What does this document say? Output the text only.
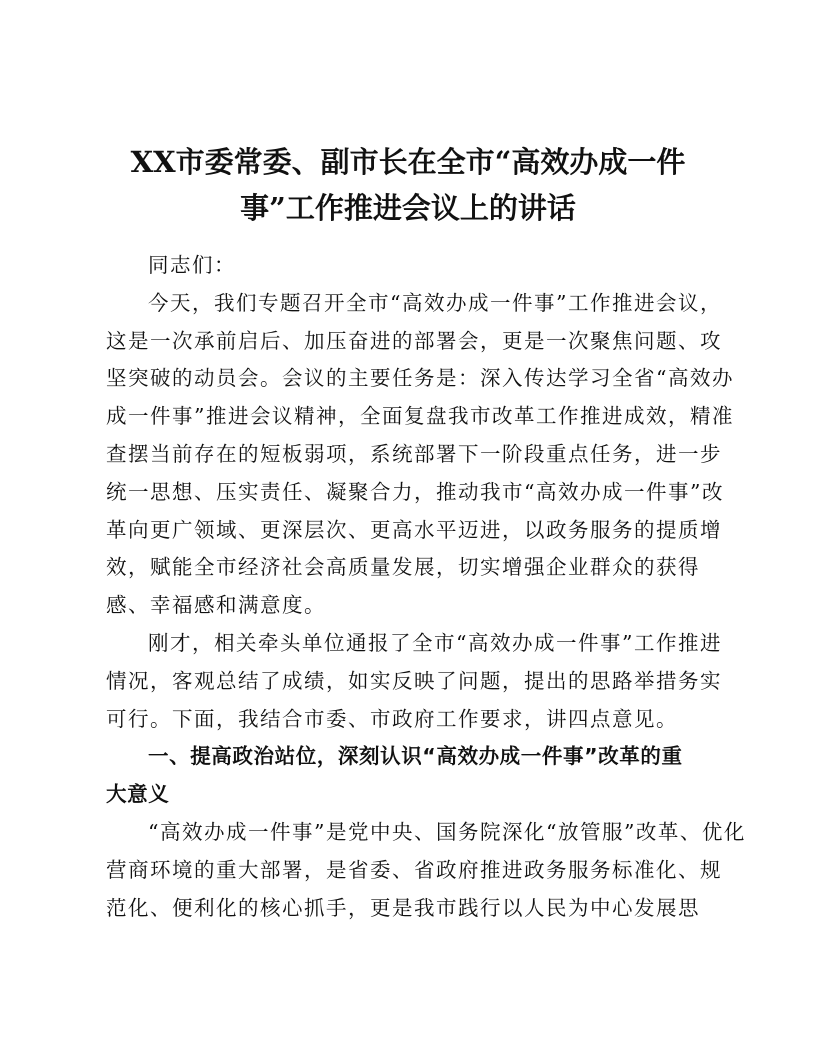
XX市委常委、副市长在全市“高效办成一件
事”工作推进会议上的讲话
同志们：
今天，我们专题召开全市“高效办成一件事”工作推进会议，
这是一次承前启后、加压奋进的部署会，更是一次聚焦问题、攻
坚突破的动员会。会议的主要任务是：深入传达学习全省“高效办
成一件事”推进会议精神，全面复盘我市改革工作推进成效，精准
查摆当前存在的短板弱项，系统部署下一阶段重点任务，进一步
统一思想、压实责任、凝聚合力，推动我市“高效办成一件事”改
革向更广领域、更深层次、更高水平迈进，以政务服务的提质增
效，赋能全市经济社会高质量发展，切实增强企业群众的获得
感、幸福感和满意度。
刚才，相关牵头单位通报了全市“高效办成一件事”工作推进
情况，客观总结了成绩，如实反映了问题，提出的思路举措务实
可行。下面，我结合市委、市政府工作要求，讲四点意见。
一、提高政治站位，深刻认识“高效办成一件事”改革的重
大意义
“高效办成一件事”是党中央、国务院深化“放管服”改革、优化
营商环境的重大部署，是省委、省政府推进政务服务标准化、规
范化、便利化的核心抓手，更是我市践行以人民为中心发展思
